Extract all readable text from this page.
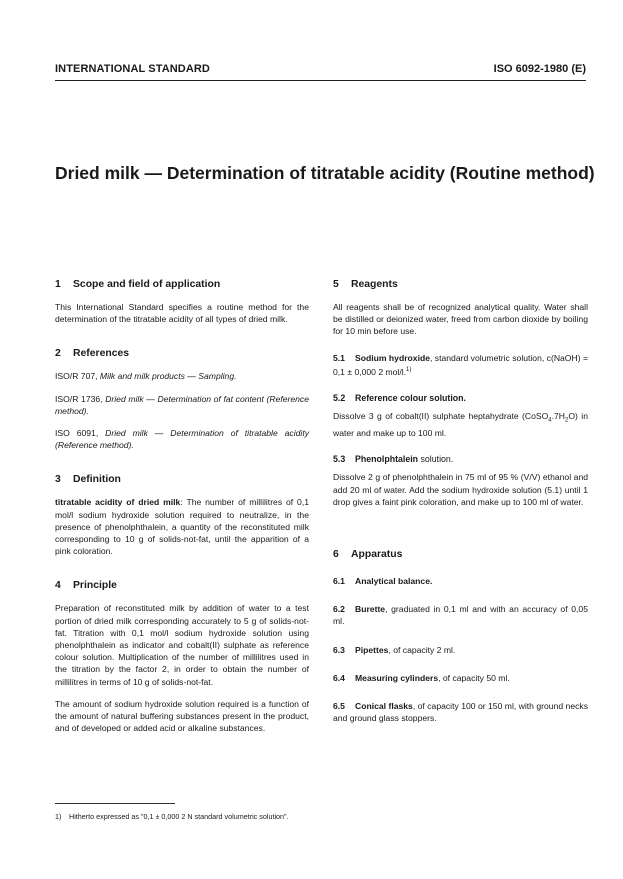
INTERNATIONAL STANDARD	ISO 6092-1980 (E)
Dried milk — Determination of titratable acidity (Routine method)
1 Scope and field of application

This International Standard specifies a routine method for the determination of the titratable acidity of all types of dried milk.

2 References

ISO/R 707, Milk and milk products — Sampling.

ISO/R 1736, Dried milk — Determination of fat content (Reference method).

ISO 6091, Dried milk — Determination of titratable acidity (Reference method).

3 Definition

titratable acidity of dried milk: The number of millilitres of 0,1 mol/l sodium hydroxide solution required to neutralize, in the presence of phenolphthalein, a quantity of the reconstituted milk corresponding to 10 g of solids-not-fat, until the apparition of a pink coloration.

4 Principle

Preparation of reconstituted milk by addition of water to a test portion of dried milk corresponding accurately to 5 g of solids-not-fat. Titration with 0,1 mol/l sodium hydroxide solution using phenolphthalein as indicator and cobalt(II) sulphate as reference colour solution. Multiplication of the number of millilitres used in the titration by the factor 2, in order to obtain the number of millilitres in terms of 10 g of solids-not-fat.

The amount of sodium hydroxide solution required is a function of the amount of natural buffering substances present in the product, and of developed or added acid or alkaline substances.

5 Reagents

All reagents shall be of recognized analytical quality. Water shall be distilled or deionized water, freed from carbon dioxide by boiling for 10 min before use.

5.1 Sodium hydroxide, standard volumetric solution, c(NaOH) = 0,1 ± 0,000 2 mol/l.$^{1)}$

5.2 Reference colour solution.

Dissolve 3 g of cobalt(II) sulphate heptahydrate $(CoSO_4.7H_2O)$ in water and make up to 100 ml.

5.3 Phenolphtalein solution.

Dissolve 2 g of phenolphthalein in 75 ml of 95 % (V/V) ethanol and add 20 ml of water. Add the sodium hydroxide solution (5.1) until 1 drop gives a faint pink coloration, and make up to 100 ml of water.

6 Apparatus

6.1 Analytical balance.

6.2 Burette, graduated in 0,1 ml and with an accuracy of 0,05 ml.

6.3 Pipettes, of capacity 2 ml.

6.4 Measuring cylinders, of capacity 50 ml.

6.5 Conical flasks, of capacity 100 or 150 ml, with ground necks and ground glass stoppers.

1) Hitherto expressed as "0,1 ± 0,000 2 N standard volumetric solution".
